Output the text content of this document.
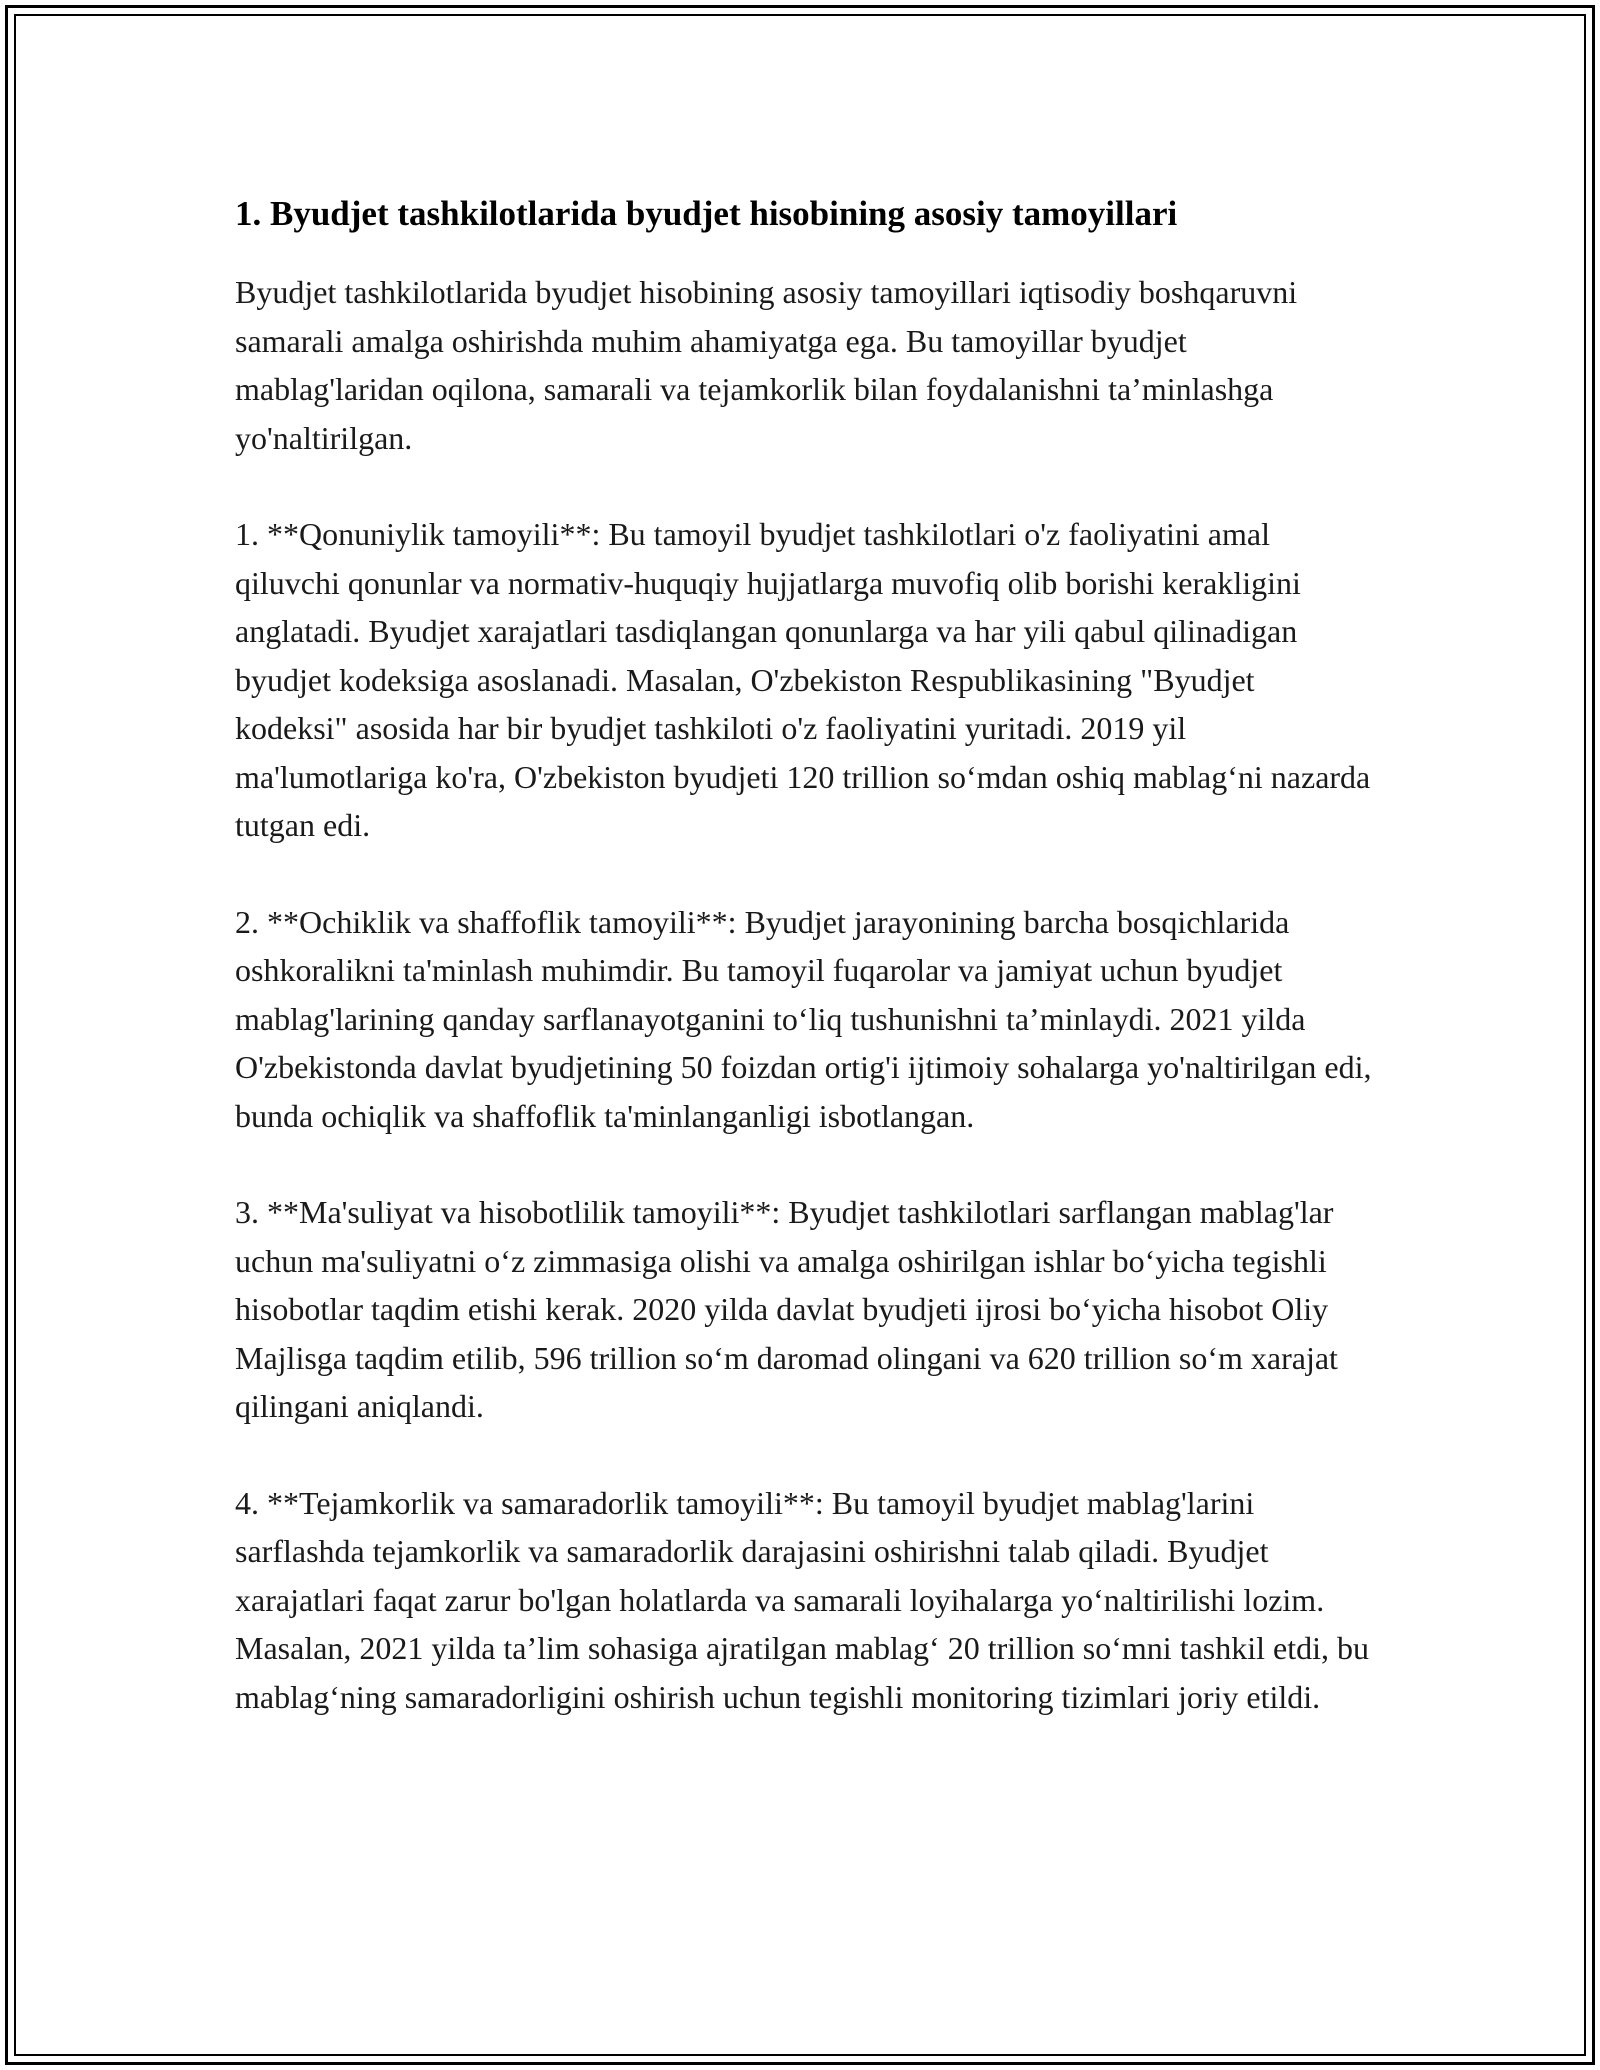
1. Byudjet tashkilotlarida byudjet hisobining asosiy tamoyillari

Byudjet tashkilotlarida byudjet hisobining asosiy tamoyillari iqtisodiy boshqaruvni samarali amalga oshirishda muhim ahamiyatga ega. Bu tamoyillar byudjet mablag'laridan oqilona, samarali va tejamkorlik bilan foydalanishni ta’minlashga yo'naltirilgan.

1. **Qonuniylik tamoyili**: Bu tamoyil byudjet tashkilotlari o'z faoliyatini amal qiluvchi qonunlar va normativ-huquqiy hujjatlarga muvofiq olib borishi kerakligini anglatadi. Byudjet xarajatlari tasdiqlangan qonunlarga va har yili qabul qilinadigan byudjet kodeksiga asoslanadi. Masalan, O'zbekiston Respublikasining "Byudjet kodeksi" asosida har bir byudjet tashkiloti o'z faoliyatini yuritadi. 2019 yil ma'lumotlariga ko'ra, O'zbekiston byudjeti 120 trillion so‘mdan oshiq mablag‘ni nazarda tutgan edi.

2. **Ochiklik va shaffoflik tamoyili**: Byudjet jarayonining barcha bosqichlarida oshkoralikni ta'minlash muhimdir. Bu tamoyil fuqarolar va jamiyat uchun byudjet mablag'larining qanday sarflanayotganini to‘liq tushunishni ta’minlaydi. 2021 yilda O'zbekistonda davlat byudjetining 50 foizdan ortig'i ijtimoiy sohalarga yo'naltirilgan edi, bunda ochiqlik va shaffoflik ta'minlanganligi isbotlangan.

3. **Ma'suliyat va hisobotlilik tamoyili**: Byudjet tashkilotlari sarflangan mablag'lar uchun ma'suliyatni o‘z zimmasiga olishi va amalga oshirilgan ishlar bo‘yicha tegishli hisobotlar taqdim etishi kerak. 2020 yilda davlat byudjeti ijrosi bo‘yicha hisobot Oliy Majlisga taqdim etilib, 596 trillion so‘m daromad olingani va 620 trillion so‘m xarajat qilingani aniqlandi.

4. **Tejamkorlik va samaradorlik tamoyili**: Bu tamoyil byudjet mablag'larini sarflashda tejamkorlik va samaradorlik darajasini oshirishni talab qiladi. Byudjet xarajatlari faqat zarur bo'lgan holatlarda va samarali loyihalarga yo‘naltirilishi lozim. Masalan, 2021 yilda ta’lim sohasiga ajratilgan mablag‘ 20 trillion so‘mni tashkil etdi, bu mablag‘ning samaradorligini oshirish uchun tegishli monitoring tizimlari joriy etildi.
